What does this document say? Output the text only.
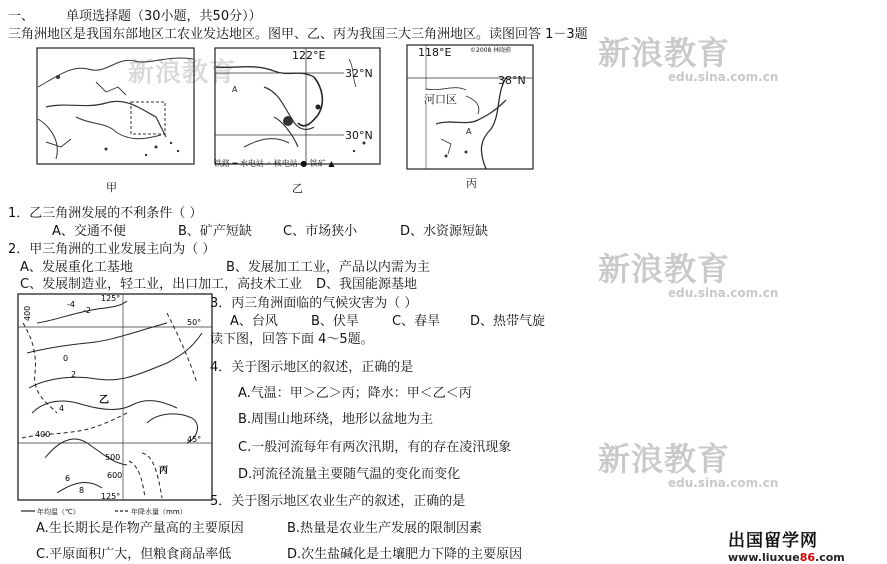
新浪教育
edu.sina.com.cn
新浪教育
edu.sina.com.cn
新浪教育
edu.sina.com.cn
新浪教育
一、 单项选择题（30小题，共50分））
三角洲地区是我国东部地区工农业发达地区。图甲、乙、丙为我国三大三角洲地区。读图回答 1－3题
甲
A
122°E
32°N
30°N
铁路 ━ 水电站 ◦ 核电站 ● 铁矿 ▲
乙
A
118°E	©2008 林晓蔚
38°N
河口区
丙
1．乙三角洲发展的不利条件（ ）
A、交通不便	B、矿产短缺 C、市场狭小	D、水资源短缺
2．甲三角洲的工业发展主向为（ ）
A、发展重化工基地	B、发展加工工业，产品以内需为主
C、发展制造业，轻工业，出口加工，高技术工业 D、我国能源基地
125°
125°
50°
45°
400
400
500
600
-4
-2
0
2
4
6
8
乙
丙
年均温（℃）	年降水量（mm）
3．丙三角洲面临的气候灾害为（ ）
A、台风	B、伏旱	C、春旱 D、热带气旋
读下图，回答下面 4～5题。
4．关于图示地区的叙述，正确的是
A.气温：甲＞乙＞丙；降水：甲＜乙＜丙
B.周围山地环绕，地形以盆地为主
C.一般河流每年有两次汛期，有的存在凌汛现象
D.河流径流量主要随气温的变化而变化
5．关于图示地区农业生产的叙述，正确的是
A.生长期长是作物产量高的主要原因	B.热量是农业生产发展的限制因素
C.平原面积广大，但粮食商品率低	D.次生盐碱化是土壤肥力下降的主要原因
出国留学网
www.liuxue86.com
